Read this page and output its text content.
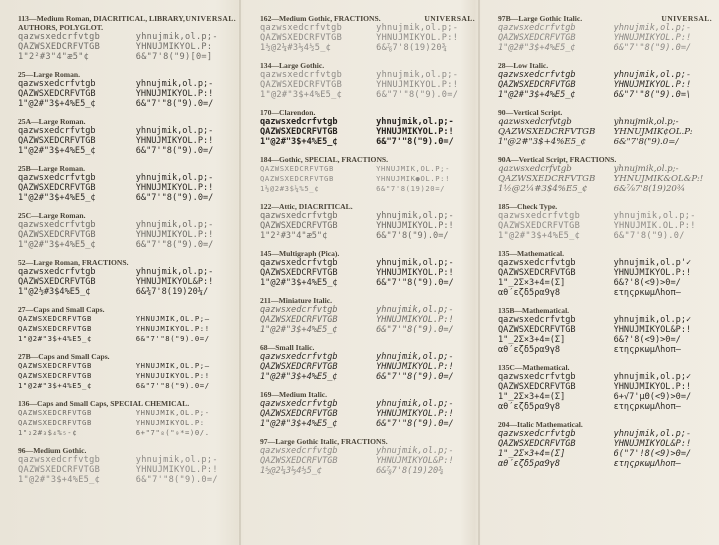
UNIVERSAL.
113—Medium Roman, DIACRITICAL, LIBRARY,
AUTHORS, POLYGLOT.
qazwsxedcrfvtgb	yhnujmik,ol.p;-
QAZWSXEDCRFVTGB	YHNUJMIKYOL.P:
1"2²#3"4"æ5"¢	6&"7'8("9)[0=]
25—Large Roman.
qazwsxedcrfvtgb	yhnujmik,ol.p;-
QAZWSXEDCRFVTGB	YHNUJMIKYOL.P:!
1"@2#"3$+4%E5_¢	6&"7'"8("9).0=/
25A—Large Roman.
qazwsxedcrfvtgb	yhnujmik,ol.p;-
QAZWSXEDCRFVTGB	YHNUJMIKYOL.P:!
1"@2#"3$+4%E5_¢	6&"7'"8("9).0=/
25B—Large Roman.
qazwsxedcrfvtgb	yhnujmik,ol.p;-
QAZWSXEDCRFVTGB	YHNUJMIKYOL.P:!
1"@2#"3$+4%E5_¢	6&"7'"8("9).0=/
25C—Large Roman.
qazwsxedcrfvtgb	yhnujmik,ol.p;-
QAZWSXEDCRFVTGB	YHNUJMIKYOL.P:!
1"@2#"3$+4%E5_¢	6&"7'"8("9).0=/
52—Large Roman, FRACTIONS.
qazwsxedcrfvtgb	yhnujmik,ol.p;-
QAZWSXEDCRFVTGB	YHNUJMIKYOL&P:!
1"@2½#3$4%E5_¢	6&¾7'8(19)20¼/
27—Caps and Small Caps.
QAZWSXEDCRFVTGB	YHNUJMIK,OL.P;—
QAZWSXEDCRFVTGB	YHNUJMIKYOL.P:!
1"@2#"3$+4%E5_¢	6&"7'"8("9).0=/
27B—Caps and Small Caps.
QAZWSXEDCRFVTGB	YHNUJMIK,OL.P;—
QAZWSXEDCRFVTGB	YHNUJUIKYOL.P:!
1"@2#"3$+4%E5_¢	6&"7'"8("9).0=/
136—Caps and Small Caps, SPECIAL CHEMICAL.
QAZWSXEDCRFVTGB	YHNUJMIK,OL.P;-
QAZWSXEDCRFVTGB	YHNUJMIKYOL.P:
1"₂2#₃$₄%₅-¢	6+"7"₈("₉*=)0/.
96—Medium Gothic.
qazwsxedcrfvtgb	yhnujmik,ol.p;-
QAZWSXEDCRFVTGB	YHNUJMIKYOL.P:!
1"@2#"3$+4%E5_¢	6&"7'"8("9).0=/
UNIVERSAL.
162—Medium Gothic, FRACTIONS.
qazwsxedcrfvtgb	yhnujmik,ol.p;-
QAZWSXEDCRFVTGB	YHNUJMIKYOL.P:!
1½@2¼#3⅓4½5_¢	6&⅞7'8(19)20¾
134—Large Gothic.
qazwsxedcrfvtgb	yhnujmik,ol.p;-
QAZWSXEDCRFVTGB	YHNUJMIKYOL.P:!
1"@2#"3$+4%E5_¢	6&"7'"8("9).0=/
170—Clarendon.
qazwsxedcrfvtgb	yhnujmik,ol.p;-
QAZWSXEDCRFVTGB	YHNUJMIKYOL.P:!
1"@2#"3$+4%E5_¢	6&"7'"8("9).0=/
184—Gothic, SPECIAL, FRACTIONS.
QAZWSXEDCRFVTGB	YHNUJMIK,OL.P;-
QAZWSXEDCRFVTGB	YHNUJMIK●OL.P:!
1½@2#3$¼%5_¢	6&"7'8(19)20=/
122—Attic, DIACRITICAL.
qazwsxedcrfvtgb	yhnujmik,ol.p;-
QAZWSXEDCRFVTGB	YHNUJMIKYOL.P:!
1"2²#3"4"æ5"¢	6&"7'8("9).0=/
145—Multigraph (Pica).
qazwsxedcrfvtgb	yhnujmik,ol.p;-
QAZWSXEDCRFVTGB	YHNUJMIKYOL.P:!
1"@2#"3$+4%E5_¢	6&"7'"8("9).0=/
211—Miniature Italic.
qazwsxedcrfvtgb	yhnujmik,ol.p;-
QAZWSXEDCRFVTGB	YHNUJMIKYOL.P:!
1"@2#"3$+4%E5_¢	6&"7'"8("9).0=/
68—Small Italic.
qazwsxedcrfvtgb	yhnujmik,ol.p;-
QAZWSXEDCRFVTGB	YHNUJMIKYOL.P:!
1"@2#"3$+4%E5_¢	6&"7'"8("9).0=/
169—Medium Italic.
qazwsxedcrfvtgb	yhnujmik,ol.p;-
QAZWSXEDCRFVTGB	YHNUJMIKYOL.P:!
1"@2#"3$+4%E5_¢	6&"7'"8("9).0=/
97—Large Gothic Italic, FRACTIONS.
qazwsxedcrfvtgb	yhnujmik,ol.p;-
QAZWSXEDCRFVTGB	YHNUJMIKYOL&P:!
1½@2¼3⅓4½5_¢	6&⅞7'8(19)20¾
UNIVERSAL.
97B—Large Gothic Italic.
qazwsxedcrfvtgb	yhnujmik,ol.p;-
QAZWSXEDCRFVTGB	YHNUJMIKYOL.P:!
1"@2#"3$+4%E5_¢	6&"7'"8("9).0=/
28—Low Italic.
qazwsxedcrfvtgb	yhnujmik,ol.p;-
QAZWSXEDCRFVTGB	YHNUJMIKYOL.P:!
1"@2#"3$+4%E5_¢	6&"7'"8("9).0=\
90—Vertical Script.
qazwsxedcrfvtgb	yhnujmik,ol.p;-
QAZWSXEDCRFVTGB	YHNUJMIK¢OL.P:
1"@2#"3$+4%E5_¢	6&"7'8("9).0=/
90A—Vertical Script, FRACTIONS.
qazwsxedcrfvtgb	yhnujmik,ol.p;-
QAZWSXEDCRFVTGB	YHNUJMIK&OL&P:!
1½@2¼#3$4%E5_¢	6&⅞7'8(19)20¾
185—Check Type.
qazwsxedcrfvtgb	yhnujmik,ol.p;-
QAZWSXEDCRFVTGB	YHNUJMIK.OL.P:!
1"@2#"3$+4%E5_¢	6&"7'8("9).0/
135—Mathematical.
qazwsxedcrfvtgb	yhnujmik,ol.p'✓
QAZWSXEDCRFVTGB	YHNUJMIKYOL.P:!
1"_2Σ×3+4=(Σ]	6&?'8(<9)>0=/
αθ΄εζδ5ρα9γ8	ετηςρκωμΛhοπ—
135B—Mathematical.
qazwsxedcrfvtgb	yhnujmik,ol.p;✓
QAZWSXEDCRFVTGB	YHNUJMIKYOL&P:!
1"_2Σ×3+4=(Σ]	6&?'8(<9)>0=/
αθ΄εζδ5ρα9γ8	ετηςρκωμΛhοπ—
135C—Mathematical.
qazwsxedcrfvtgb	yhnujmik,ol.p;✓
QAZWSXEDCRFVTGB	YHNUJMIKYOL.P:!
1"_2Σ×3+4=(Σ]	6+√7'μΘ(<9)>0=/
αθ΄εζδ5ρα9γ8	ετηςρκωμΛhοπ—
204—Italic Mathematical.
qazwsxedcrfvtgb	yhnujmik,ol.p;-
QAZWSXEDCRFVTGB	YHNUJMIKYOL&P:!
1"_2Σ×3+4=(Σ]	6("7'!8(<9)>0=/
αθ΄εζδ5ρα9γ8	ετηςρκωμΛhοπ—
